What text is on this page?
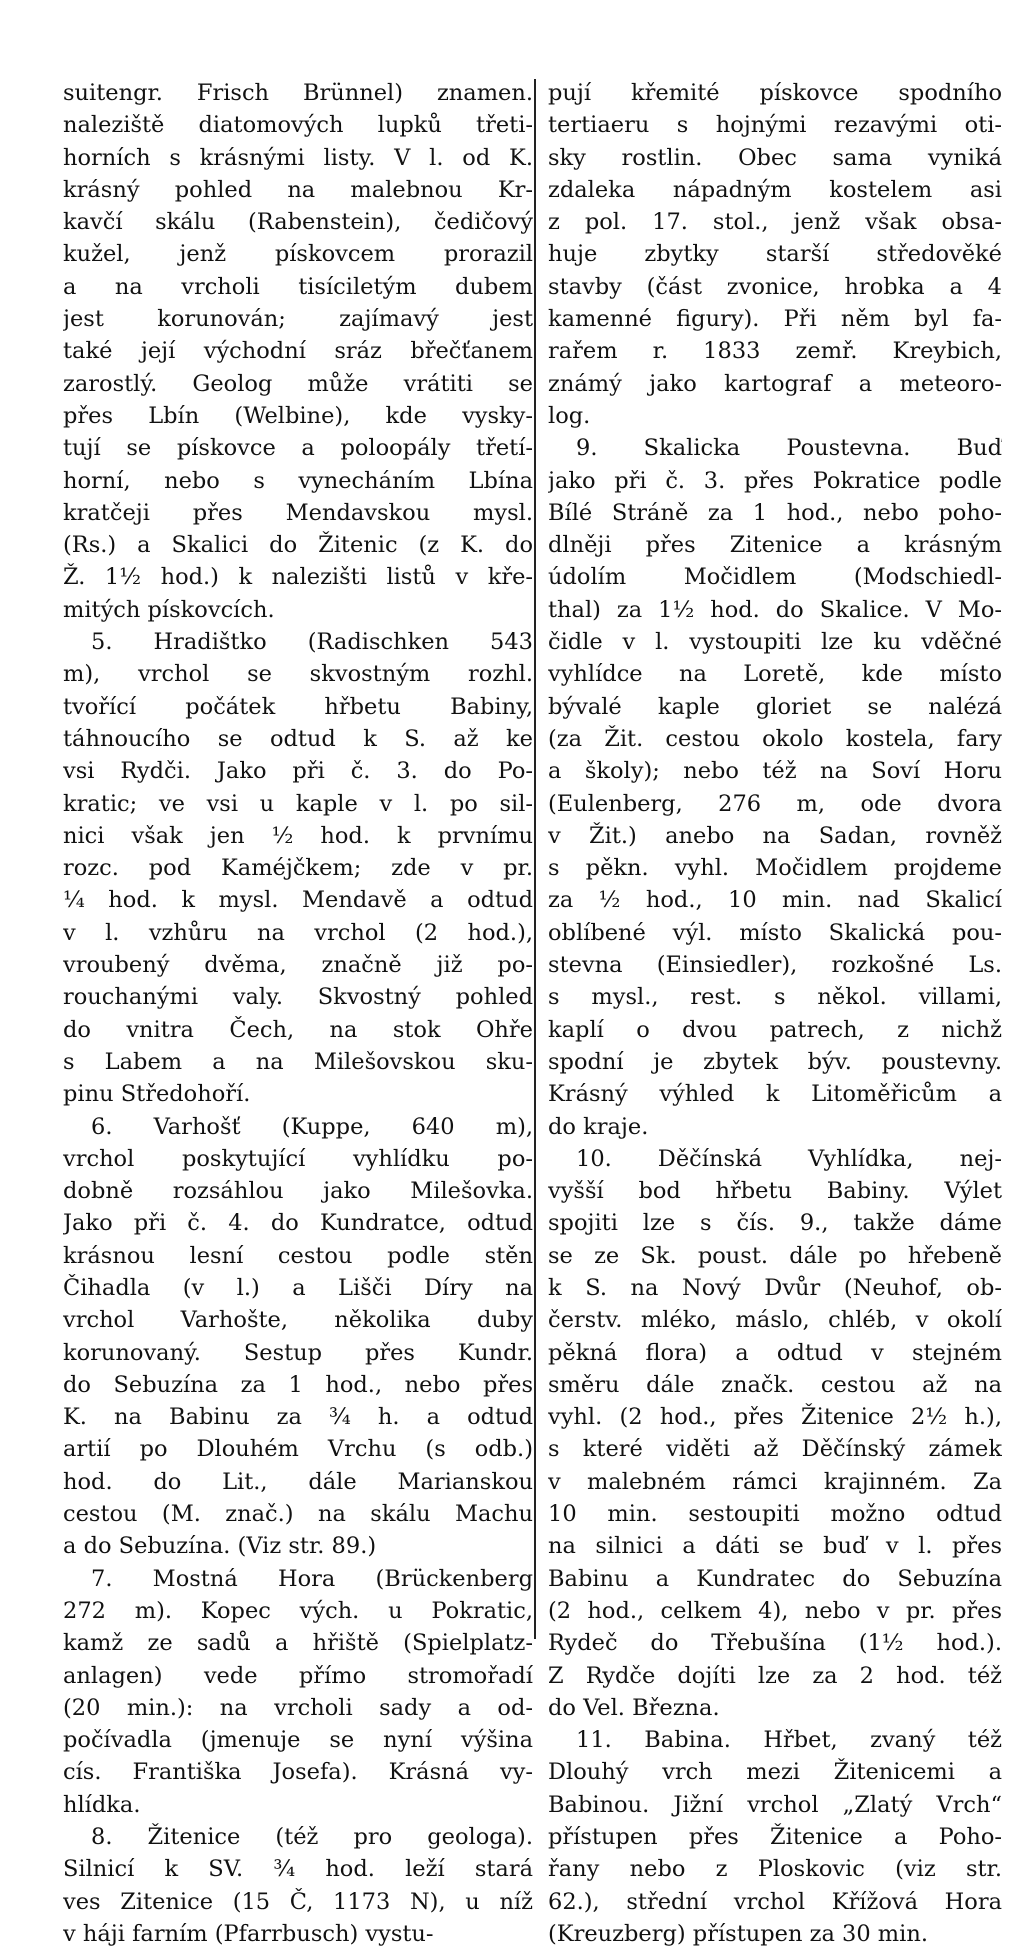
suitengr. Frisch Brünnel) znamen.
naleziště diatomových lupků třeti-
horních s krásnými listy. V l. od K.
krásný pohled na malebnou Kr-
kavčí skálu (Rabenstein), čedičový
kužel, jenž pískovcem prorazil
a na vrcholi tisíciletým dubem
jest korunován; zajímavý jest
také její východní sráz břečťanem
zarostlý. Geolog může vrátiti se
přes Lbín (Welbine), kde vysky-
tují se pískovce a poloopály třetí-
horní, nebo s vynecháním Lbína
kratčeji přes Mendavskou mysl.
(Rs.) a Skalici do Žitenic (z K. do
Ž. 1½ hod.) k nalezišti listů v kře-
mitých pískovcích.
5. Hradištko (Radischken 543
m), vrchol se skvostným rozhl.
tvořící počátek hřbetu Babiny,
táhnoucího se odtud k S. až ke
vsi Rydči. Jako při č. 3. do Po-
kratic; ve vsi u kaple v l. po sil-
nici však jen ½ hod. k prvnímu
rozc. pod Kaméjčkem; zde v pr.
¼ hod. k mysl. Mendavě a odtud
v l. vzhůru na vrchol (2 hod.),
vroubený dvěma, značně již po-
rouchanými valy. Skvostný pohled
do vnitra Čech, na stok Ohře
s Labem a na Milešovskou sku-
pinu Středohoří.
6. Varhošť (Kuppe, 640 m),
vrchol poskytující vyhlídku po-
dobně rozsáhlou jako Milešovka.
Jako při č. 4. do Kundratce, odtud
krásnou lesní cestou podle stěn
Čihadla (v l.) a Lišči Díry na
vrchol Varhošte, několika duby
korunovaný. Sestup přes Kundr.
do Sebuzína za 1 hod., nebo přes
K. na Babinu za ¾ h. a odtud
artií po Dlouhém Vrchu (s odb.)
hod. do Lit., dále Marianskou
cestou (M. znač.) na skálu Machu
a do Sebuzína. (Viz str. 89.)
7. Mostná Hora (Brückenberg
272 m). Kopec vých. u Pokratic,
kamž ze sadů a hřiště (Spielplatz-
anlagen) vede přímo stromořadí
(20 min.): na vrcholi sady a od-
počívadla (jmenuje se nyní výšina
cís. Františka Josefa). Krásná vy-
hlídka.
8. Žitenice (též pro geologa).
Silnicí k SV. ¾ hod. leží stará
ves Zitenice (15 Č, 1173 N), u níž
v háji farním (Pfarrbusch) vystu-
pují křemité pískovce spodního
tertiaeru s hojnými rezavými oti-
sky rostlin. Obec sama vyniká
zdaleka nápadným kostelem asi
z pol. 17. stol., jenž však obsa-
huje zbytky starší středověké
stavby (část zvonice, hrobka a 4
kamenné figury). Při něm byl fa-
rařem r. 1833 zemř. Kreybich,
známý jako kartograf a meteoro-
log.
9. Skalicka Poustevna. Buď
jako při č. 3. přes Pokratice podle
Bílé Stráně za 1 hod., nebo poho-
dlněji přes Zitenice a krásným
údolím Močidlem (Modschiedl-
thal) za 1½ hod. do Skalice. V Mo-
čidle v l. vystoupiti lze ku vděčné
vyhlídce na Loretě, kde místo
bývalé kaple gloriet se nalézá
(za Žit. cestou okolo kostela, fary
a školy); nebo též na Soví Horu
(Eulenberg, 276 m, ode dvora
v Žit.) anebo na Sadan, rovněž
s pěkn. vyhl. Močidlem projdeme
za ½ hod., 10 min. nad Skalicí
oblíbené výl. místo Skalická pou-
stevna (Einsiedler), rozkošné Ls.
s mysl., rest. s někol. villami,
kaplí o dvou patrech, z nichž
spodní je zbytek býv. poustevny.
Krásný výhled k Litoměřicům a
do kraje.
10. Děčínská Vyhlídka, nej-
vyšší bod hřbetu Babiny. Výlet
spojiti lze s čís. 9., takže dáme
se ze Sk. poust. dále po hřebeně
k S. na Nový Dvůr (Neuhof, ob-
čerstv. mléko, máslo, chléb, v okolí
pěkná flora) a odtud v stejném
směru dále značk. cestou až na
vyhl. (2 hod., přes Žitenice 2½ h.),
s které viděti až Děčínský zámek
v malebném rámci krajinném. Za
10 min. sestoupiti možno odtud
na silnici a dáti se buď v l. přes
Babinu a Kundratec do Sebuzína
(2 hod., celkem 4), nebo v pr. přes
Rydeč do Třebušína (1½ hod.).
Z Rydče dojíti lze za 2 hod. též
do Vel. Března.
11. Babina. Hřbet, zvaný též
Dlouhý vrch mezi Žitenicemi a
Babinou. Jižní vrchol „Zlatý Vrch“
přístupen přes Žitenice a Poho-
řany nebo z Ploskovic (viz str.
62.), střední vrchol Křížová Hora
(Kreuzberg) přístupen za 30 min.
